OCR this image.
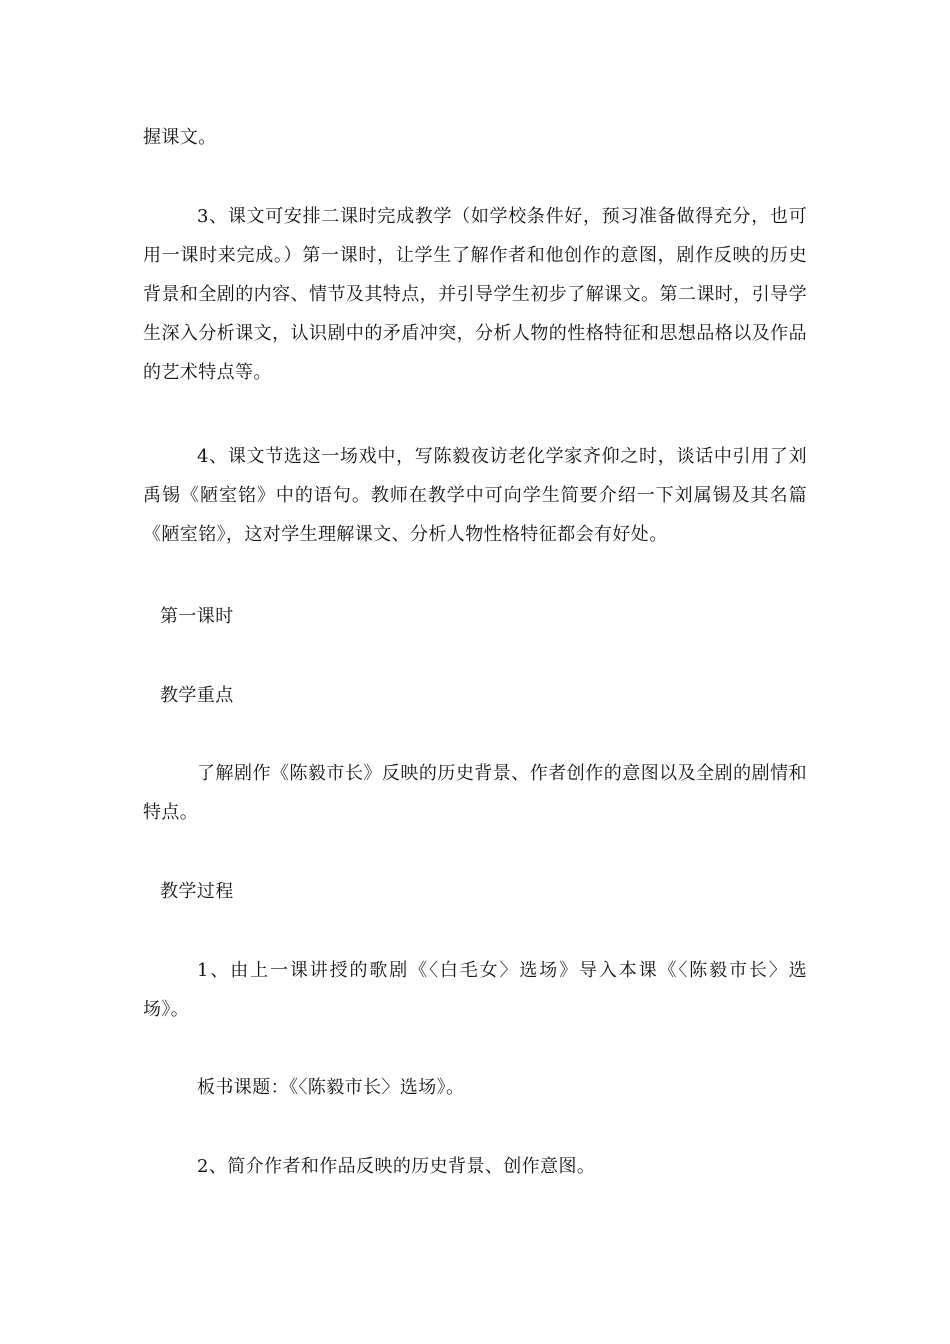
握课文。

3、课文可安排二课时完成教学（如学校条件好，预习准备做得充分，也可用一课时来完成。）第一课时，让学生了解作者和他创作的意图，剧作反映的历史背景和全剧的内容、情节及其特点，并引导学生初步了解课文。第二课时，引导学生深入分析课文，认识剧中的矛盾冲突，分析人物的性格特征和思想品格以及作品的艺术特点等。

4、课文节选这一场戏中，写陈毅夜访老化学家齐仰之时，谈话中引用了刘禹锡《陋室铭》中的语句。教师在教学中可向学生简要介绍一下刘属锡及其名篇《陋室铭》，这对学生理解课文、分析人物性格特征都会有好处。

第一课时

教学重点

了解剧作《陈毅市长》反映的历史背景、作者创作的意图以及全剧的剧情和特点。

教学过程

1、由上一课讲授的歌剧《〈白毛女〉选场》导入本课《〈陈毅市长〉选场》。

板书课题：《〈陈毅市长〉选场》。

2、简介作者和作品反映的历史背景、创作意图。
